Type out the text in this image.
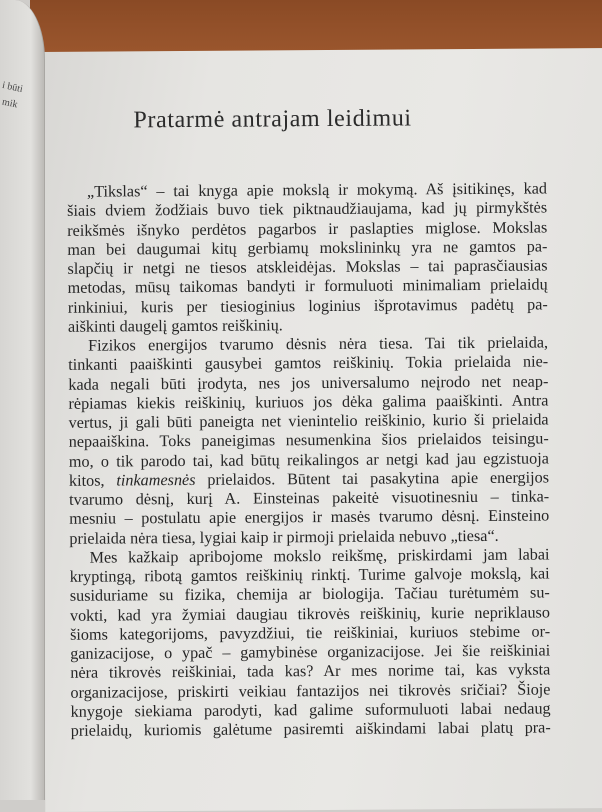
i būti
mik
Pratarmė antrajam leidimui
„Tikslas“ – tai knyga apie mokslą ir mokymą. Aš įsitikinęs, kad
šiais dviem žodžiais buvo tiek piktnaudžiaujama, kad jų pirmykštės
reikšmės išnyko perdėtos pagarbos ir paslapties miglose. Mokslas
man bei daugumai kitų gerbiamų mokslininkų yra ne gamtos pa-
slapčių ir netgi ne tiesos atskleidėjas. Mokslas – tai paprasčiausias
metodas, mūsų taikomas bandyti ir formuluoti minimaliam prielaidų
rinkiniui, kuris per tiesioginius loginius išprotavimus padėtų pa-
aiškinti daugelį gamtos reiškinių.
Fizikos energijos tvarumo dėsnis nėra tiesa. Tai tik prielaida,
tinkanti paaiškinti gausybei gamtos reiškinių. Tokia prielaida nie-
kada negali būti įrodyta, nes jos universalumo neįrodo net neap-
rėpiamas kiekis reiškinių, kuriuos jos dėka galima paaiškinti. Antra
vertus, ji gali būti paneigta net vienintelio reiškinio, kurio ši prielaida
nepaaiškina. Toks paneigimas nesumenkina šios prielaidos teisingu-
mo, o tik parodo tai, kad būtų reikalingos ar netgi kad jau egzistuoja
kitos, tinkamesnės prielaidos. Būtent tai pasakytina apie energijos
tvarumo dėsnį, kurį A. Einsteinas pakeitė visuotinesniu – tinka-
mesniu – postulatu apie energijos ir masės tvarumo dėsnį. Einsteino
prielaida nėra tiesa, lygiai kaip ir pirmoji prielaida nebuvo „tiesa“.
Mes kažkaip apribojome mokslo reikšmę, priskirdami jam labai
kryptingą, ribotą gamtos reiškinių rinktį. Turime galvoje mokslą, kai
susiduriame su fizika, chemija ar biologija. Tačiau turėtumėm su-
vokti, kad yra žymiai daugiau tikrovės reiškinių, kurie nepriklauso
šioms kategorijoms, pavyzdžiui, tie reiškiniai, kuriuos stebime or-
ganizacijose, o ypač – gamybinėse organizacijose. Jei šie reiškiniai
nėra tikrovės reiškiniai, tada kas? Ar mes norime tai, kas vyksta
organizacijose, priskirti veikiau fantazijos nei tikrovės sričiai? Šioje
knygoje siekiama parodyti, kad galime suformuluoti labai nedaug
prielaidų, kuriomis galėtume pasiremti aiškindami labai platų pra-
